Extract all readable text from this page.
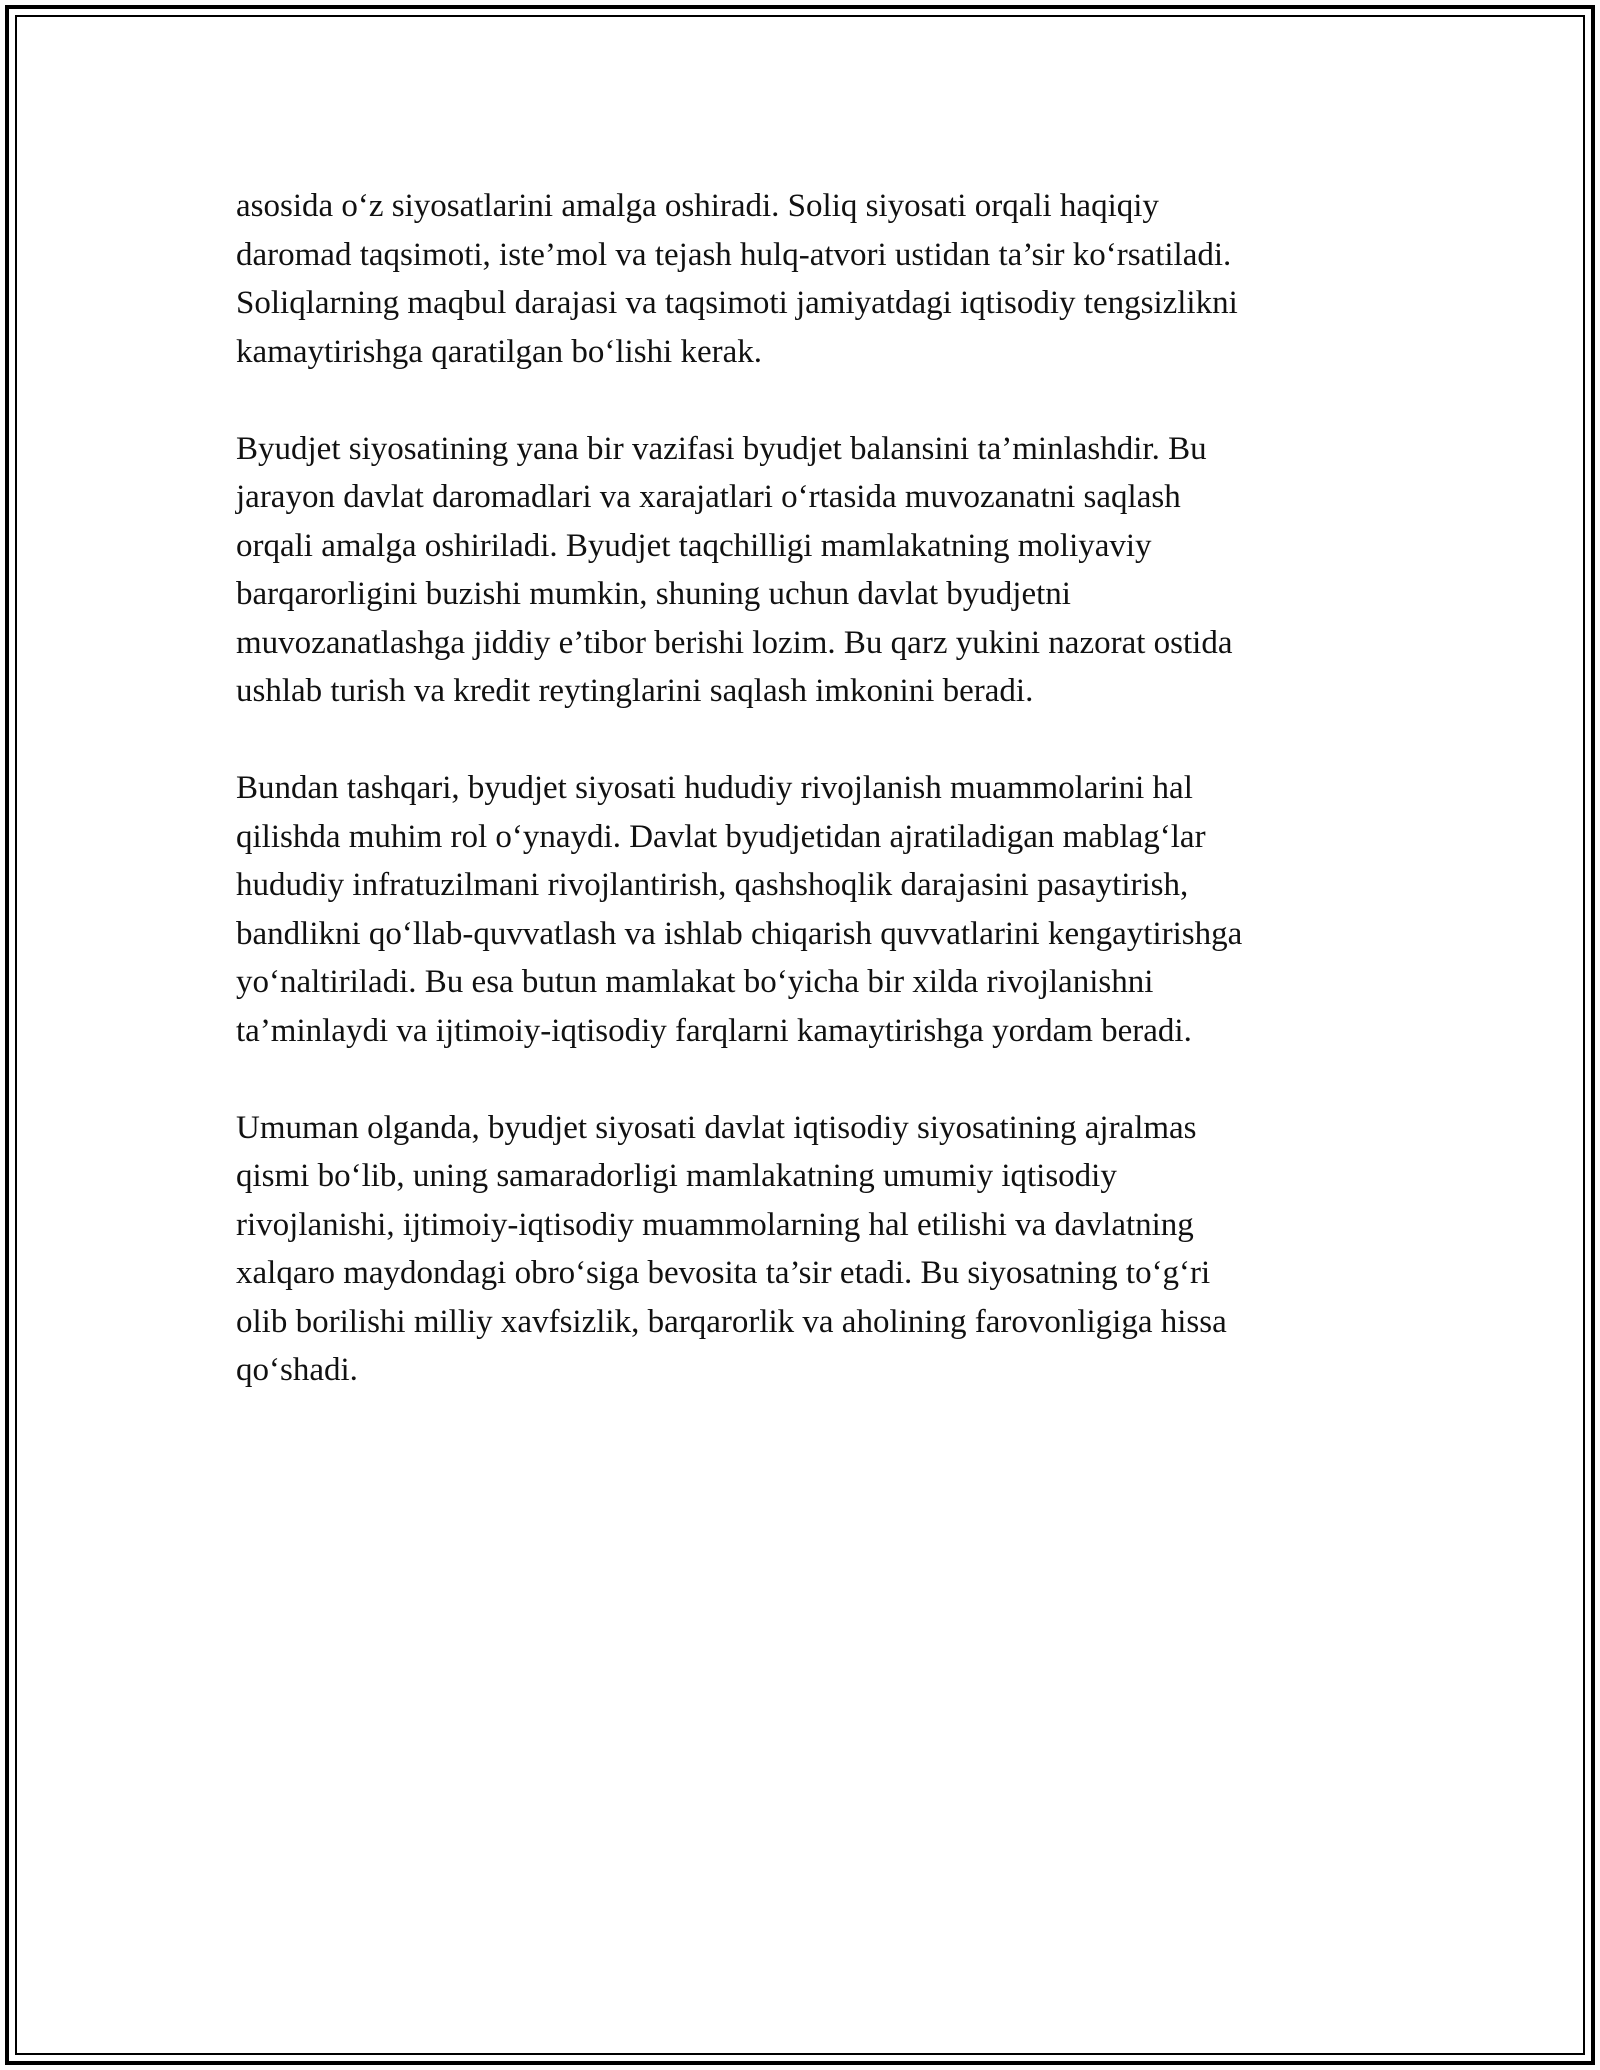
asosida o‘z siyosatlarini amalga oshiradi. Soliq siyosati orqali haqiqiy
daromad taqsimoti, iste’mol va tejash hulq-atvori ustidan ta’sir ko‘rsatiladi.
Soliqlarning maqbul darajasi va taqsimoti jamiyatdagi iqtisodiy tengsizlikni
kamaytirishga qaratilgan bo‘lishi kerak.

Byudjet siyosatining yana bir vazifasi byudjet balansini ta’minlashdir. Bu
jarayon davlat daromadlari va xarajatlari o‘rtasida muvozanatni saqlash
orqali amalga oshiriladi. Byudjet taqchilligi mamlakatning moliyaviy
barqarorligini buzishi mumkin, shuning uchun davlat byudjetni
muvozanatlashga jiddiy e’tibor berishi lozim. Bu qarz yukini nazorat ostida
ushlab turish va kredit reytinglarini saqlash imkonini beradi.

Bundan tashqari, byudjet siyosati hududiy rivojlanish muammolarini hal
qilishda muhim rol o‘ynaydi. Davlat byudjetidan ajratiladigan mablag‘lar
hududiy infratuzilmani rivojlantirish, qashshoqlik darajasini pasaytirish,
bandlikni qo‘llab-quvvatlash va ishlab chiqarish quvvatlarini kengaytirishga
yo‘naltiriladi. Bu esa butun mamlakat bo‘yicha bir xilda rivojlanishni
ta’minlaydi va ijtimoiy-iqtisodiy farqlarni kamaytirishga yordam beradi.

Umuman olganda, byudjet siyosati davlat iqtisodiy siyosatining ajralmas
qismi bo‘lib, uning samaradorligi mamlakatning umumiy iqtisodiy
rivojlanishi, ijtimoiy-iqtisodiy muammolarning hal etilishi va davlatning
xalqaro maydondagi obro‘siga bevosita ta’sir etadi. Bu siyosatning to‘g‘ri
olib borilishi milliy xavfsizlik, barqarorlik va aholining farovonligiga hissa
qo‘shadi.
